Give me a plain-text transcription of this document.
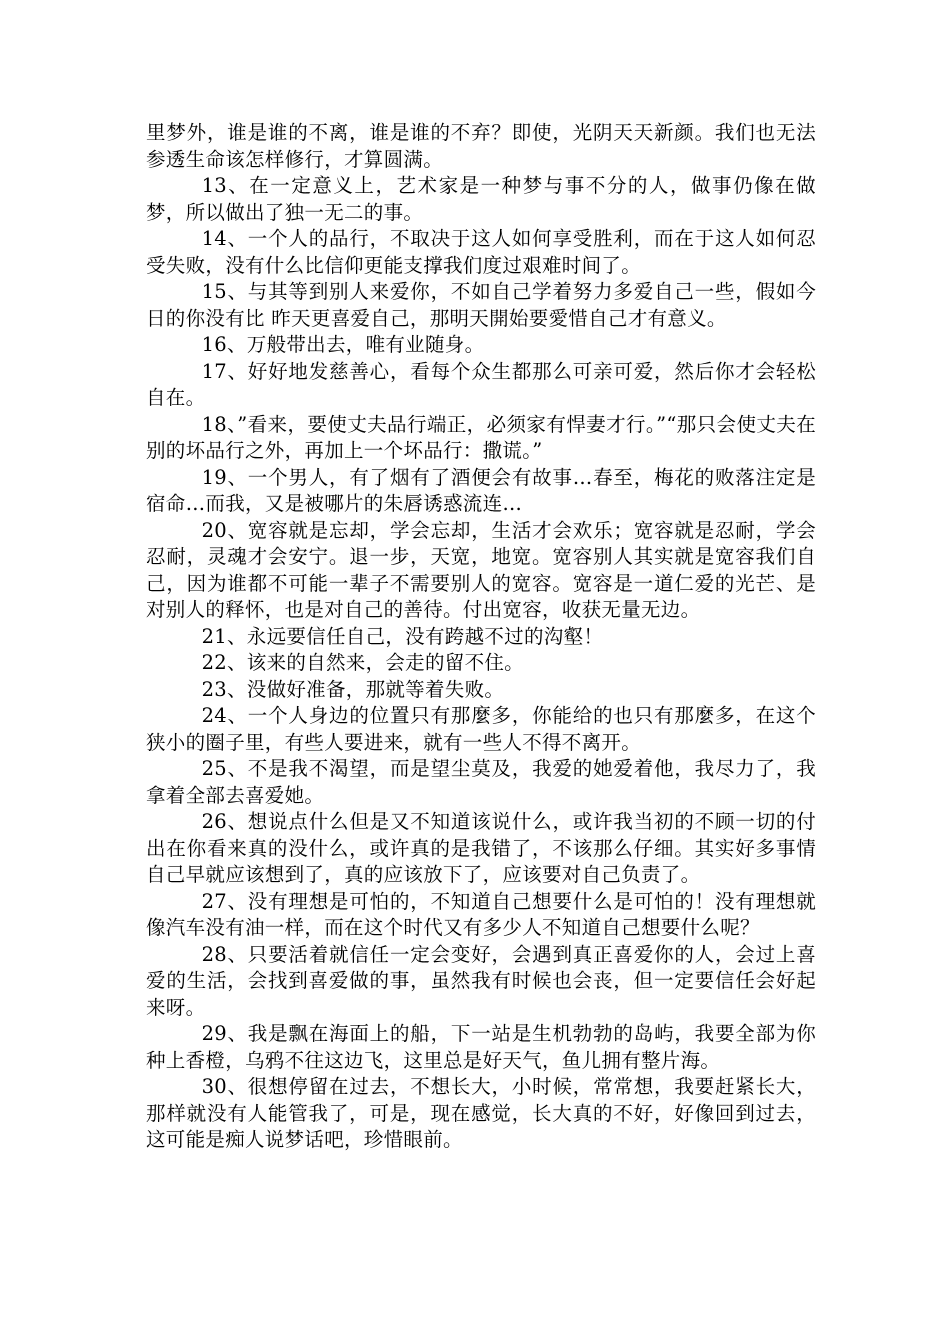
里梦外，谁是谁的不离，谁是谁的不弃？即使，光阴天天新颜。我们也无法参透生命该怎样修行，才算圆满。

13、在一定意义上，艺术家是一种梦与事不分的人，做事仍像在做梦，所以做出了独一无二的事。

14、一个人的品行，不取决于这人如何享受胜利，而在于这人如何忍受失败，没有什么比信仰更能支撑我们度过艰难时间了。

15、与其等到别人来爱你，不如自己学着努力多爱自己一些，假如今日的你没有比 昨天更喜爱自己，那明天開始要愛惜自己才有意义。

16、万般带出去，唯有业随身。

17、好好地发慈善心，看每个众生都那么可亲可爱，然后你才会轻松自在。

18、”看来，要使丈夫品行端正，必须家有悍妻才行。”“那只会使丈夫在别的坏品行之外，再加上一个坏品行：撒谎。”

19、一个男人，有了烟有了酒便会有故事…春至，梅花的败落注定是宿命…而我，又是被哪片的朱唇诱惑流连…

20、宽容就是忘却，学会忘却，生活才会欢乐；宽容就是忍耐，学会忍耐，灵魂才会安宁。退一步，天宽，地宽。宽容别人其实就是宽容我们自己，因为谁都不可能一辈子不需要别人的宽容。宽容是一道仁爱的光芒、是对别人的释怀，也是对自己的善待。付出宽容，收获无量无边。

21、永远要信任自己，没有跨越不过的沟壑！

22、该来的自然来，会走的留不住。

23、没做好准备，那就等着失败。

24、一个人身边的位置只有那麼多，你能给的也只有那麼多，在这个狭小的圈子里，有些人要进来，就有一些人不得不离开。

25、不是我不渴望，而是望尘莫及，我爱的她爱着他，我尽力了，我拿着全部去喜爱她。

26、想说点什么但是又不知道该说什么，或许我当初的不顾一切的付出在你看来真的没什么，或许真的是我错了，不该那么仔细。其实好多事情自己早就应该想到了，真的应该放下了，应该要对自己负责了。

27、没有理想是可怕的，不知道自己想要什么是可怕的！没有理想就像汽车没有油一样，而在这个时代又有多少人不知道自己想要什么呢？

28、只要活着就信任一定会变好，会遇到真正喜爱你的人，会过上喜爱的生活，会找到喜爱做的事，虽然我有时候也会丧，但一定要信任会好起来呀。

29、我是飘在海面上的船，下一站是生机勃勃的岛屿，我要全部为你种上香橙，乌鸦不往这边飞，这里总是好天气，鱼儿拥有整片海。

30、很想停留在过去，不想长大，小时候，常常想，我要赶紧长大，那样就没有人能管我了，可是，现在感觉，长大真的不好，好像回到过去，这可能是痴人说梦话吧，珍惜眼前。
